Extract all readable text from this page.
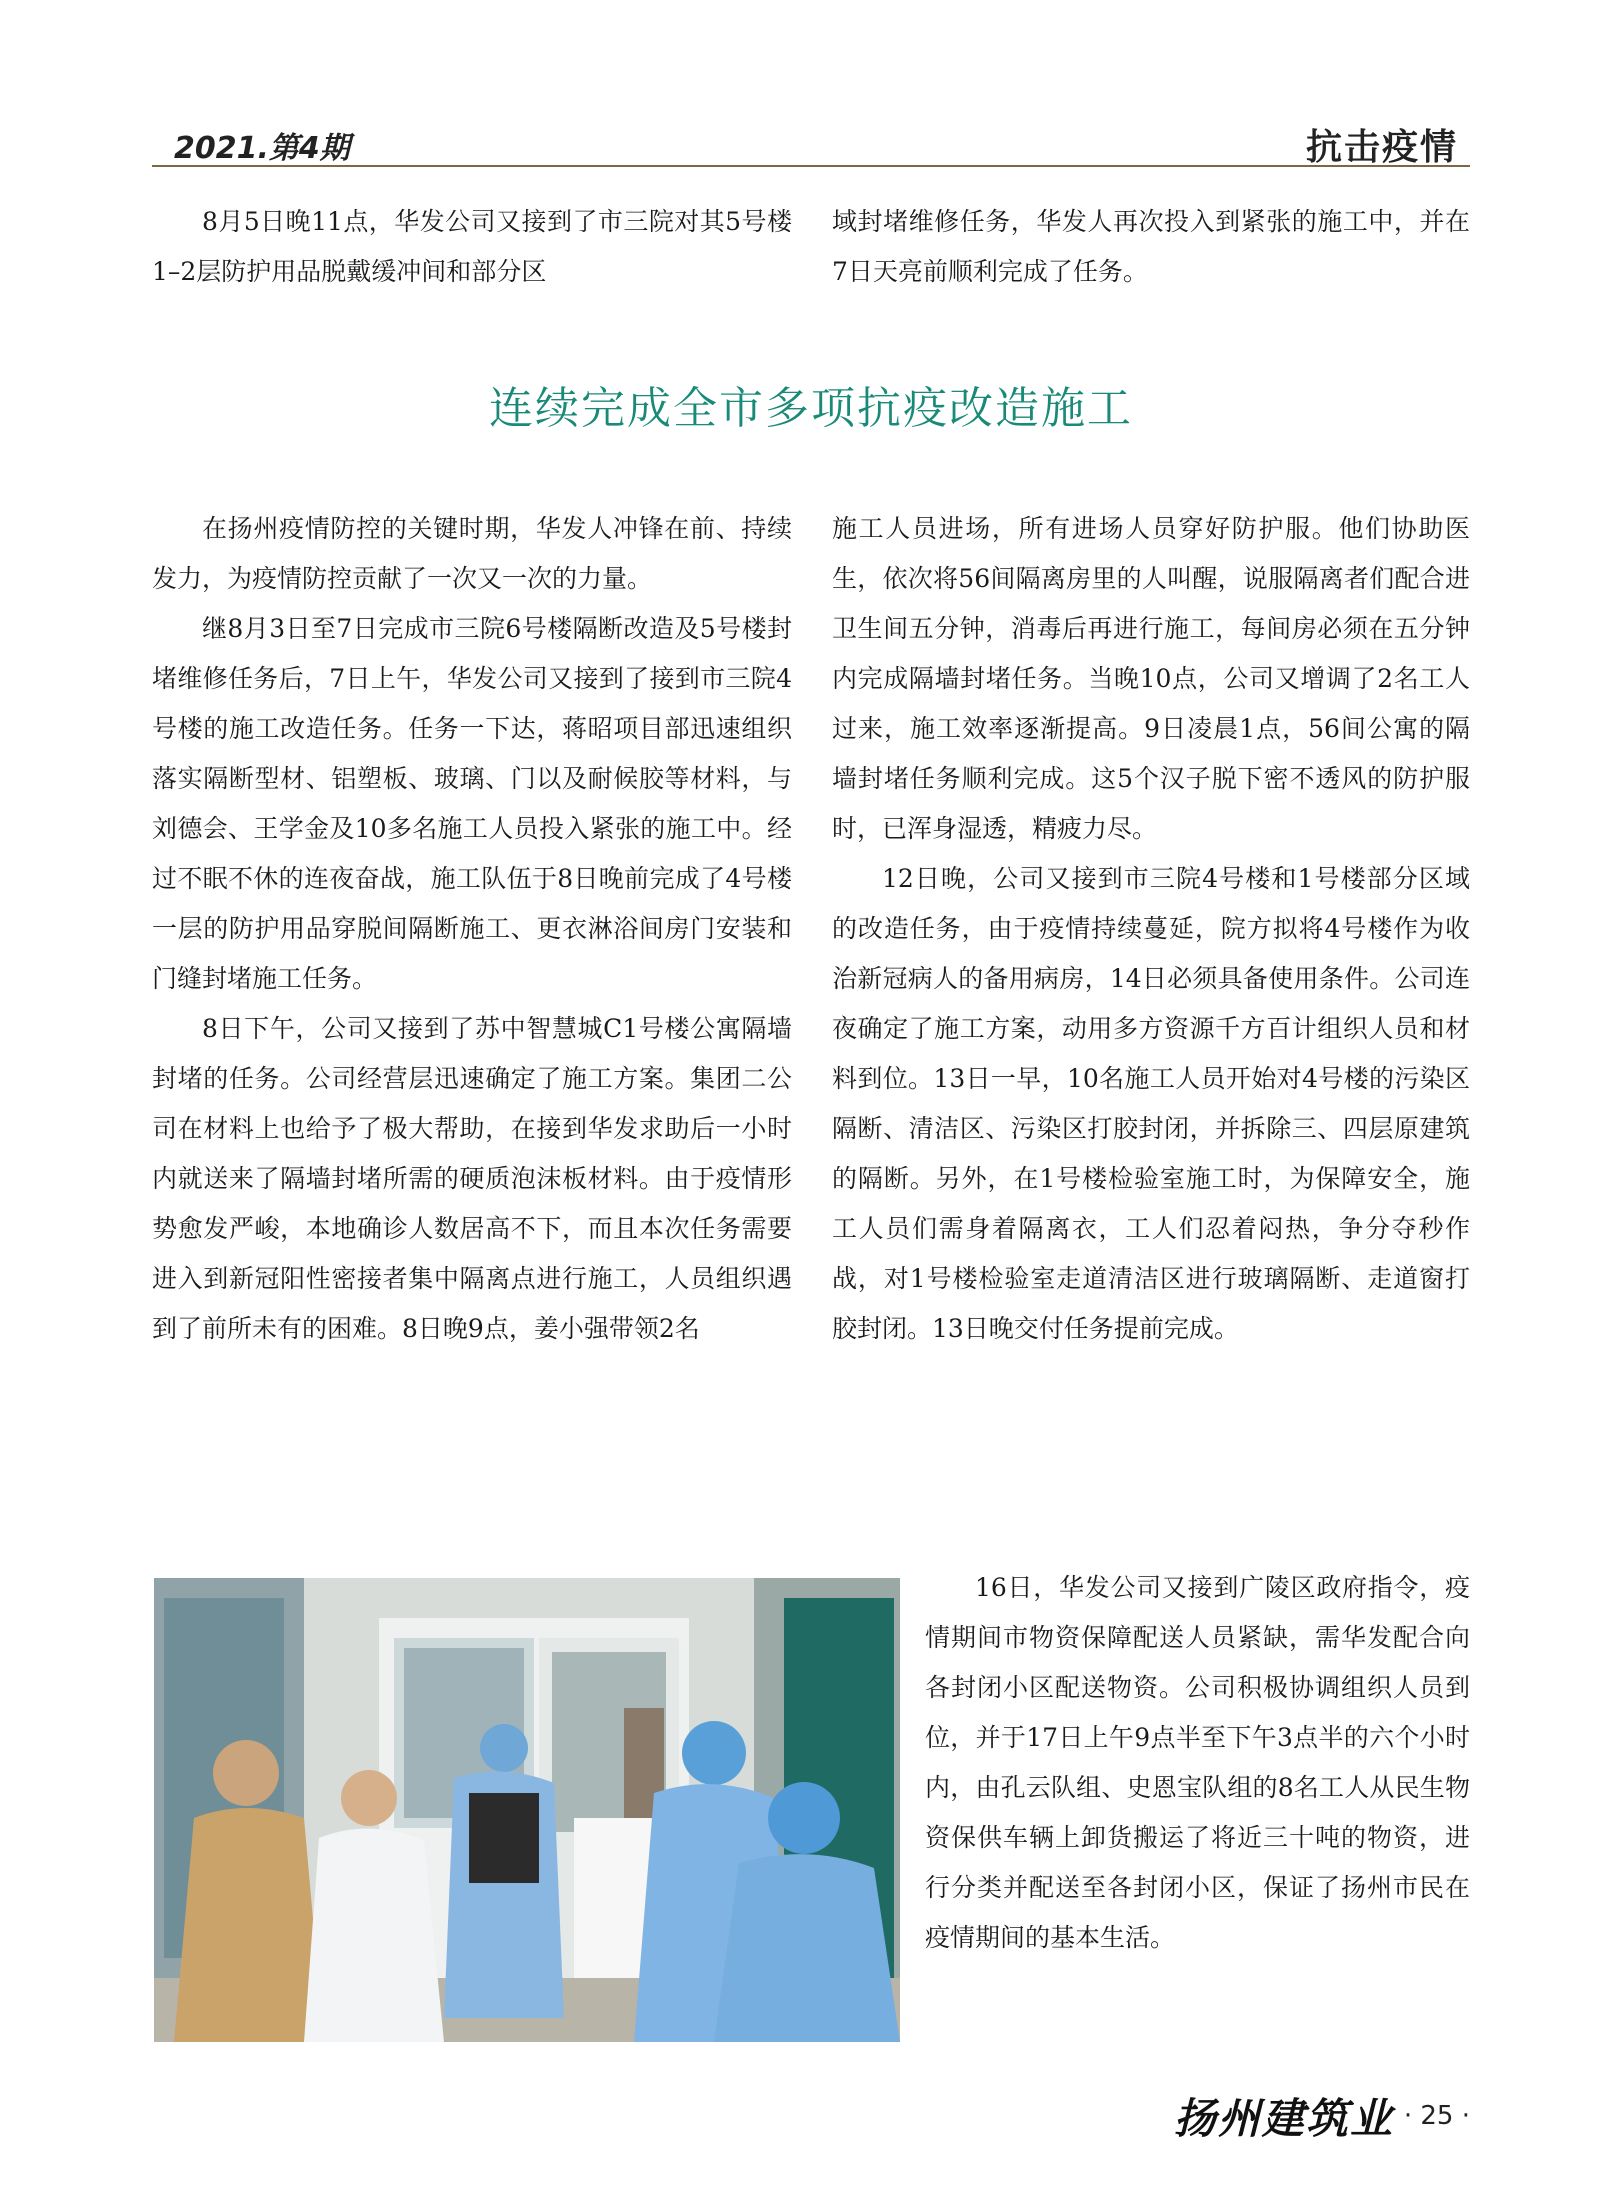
2021.第4期	抗击疫情

8月5日晚11点，华发公司又接到了市三院对其5号楼1–2层防护用品脱戴缓冲间和部分区

域封堵维修任务，华发人再次投入到紧张的施工中，并在7日天亮前顺利完成了任务。

连续完成全市多项抗疫改造施工

在扬州疫情防控的关键时期，华发人冲锋在前、持续发力，为疫情防控贡献了一次又一次的力量。

继8月3日至7日完成市三院6号楼隔断改造及5号楼封堵维修任务后，7日上午，华发公司又接到了接到市三院4号楼的施工改造任务。任务一下达，蒋昭项目部迅速组织落实隔断型材、铝塑板、玻璃、门以及耐候胶等材料，与刘德会、王学金及10多名施工人员投入紧张的施工中。经过不眠不休的连夜奋战，施工队伍于8日晚前完成了4号楼一层的防护用品穿脱间隔断施工、更衣淋浴间房门安装和门缝封堵施工任务。

8日下午，公司又接到了苏中智慧城C1号楼公寓隔墙封堵的任务。公司经营层迅速确定了施工方案。集团二公司在材料上也给予了极大帮助，在接到华发求助后一小时内就送来了隔墙封堵所需的硬质泡沫板材料。由于疫情形势愈发严峻，本地确诊人数居高不下，而且本次任务需要进入到新冠阳性密接者集中隔离点进行施工，人员组织遇到了前所未有的困难。8日晚9点，姜小强带领2名

施工人员进场，所有进场人员穿好防护服。他们协助医生，依次将56间隔离房里的人叫醒，说服隔离者们配合进卫生间五分钟，消毒后再进行施工，每间房必须在五分钟内完成隔墙封堵任务。当晚10点，公司又增调了2名工人过来，施工效率逐渐提高。9日凌晨1点，56间公寓的隔墙封堵任务顺利完成。这5个汉子脱下密不透风的防护服时，已浑身湿透，精疲力尽。

12日晚，公司又接到市三院4号楼和1号楼部分区域的改造任务，由于疫情持续蔓延，院方拟将4号楼作为收治新冠病人的备用病房，14日必须具备使用条件。公司连夜确定了施工方案，动用多方资源千方百计组织人员和材料到位。13日一早，10名施工人员开始对4号楼的污染区隔断、清洁区、污染区打胶封闭，并拆除三、四层原建筑的隔断。另外，在1号楼检验室施工时，为保障安全，施工人员们需身着隔离衣，工人们忍着闷热，争分夺秒作战，对1号楼检验室走道清洁区进行玻璃隔断、走道窗打胶封闭。13日晚交付任务提前完成。

16日，华发公司又接到广陵区政府指令，疫情期间市物资保障配送人员紧缺，需华发配合向各封闭小区配送物资。公司积极协调组织人员到位，并于17日上午9点半至下午3点半的六个小时内，由孔云队组、史恩宝队组的8名工人从民生物资保供车辆上卸货搬运了将近三十吨的物资，进行分类并配送至各封闭小区，保证了扬州市民在疫情期间的基本生活。

扬州建筑业 · 25 ·
